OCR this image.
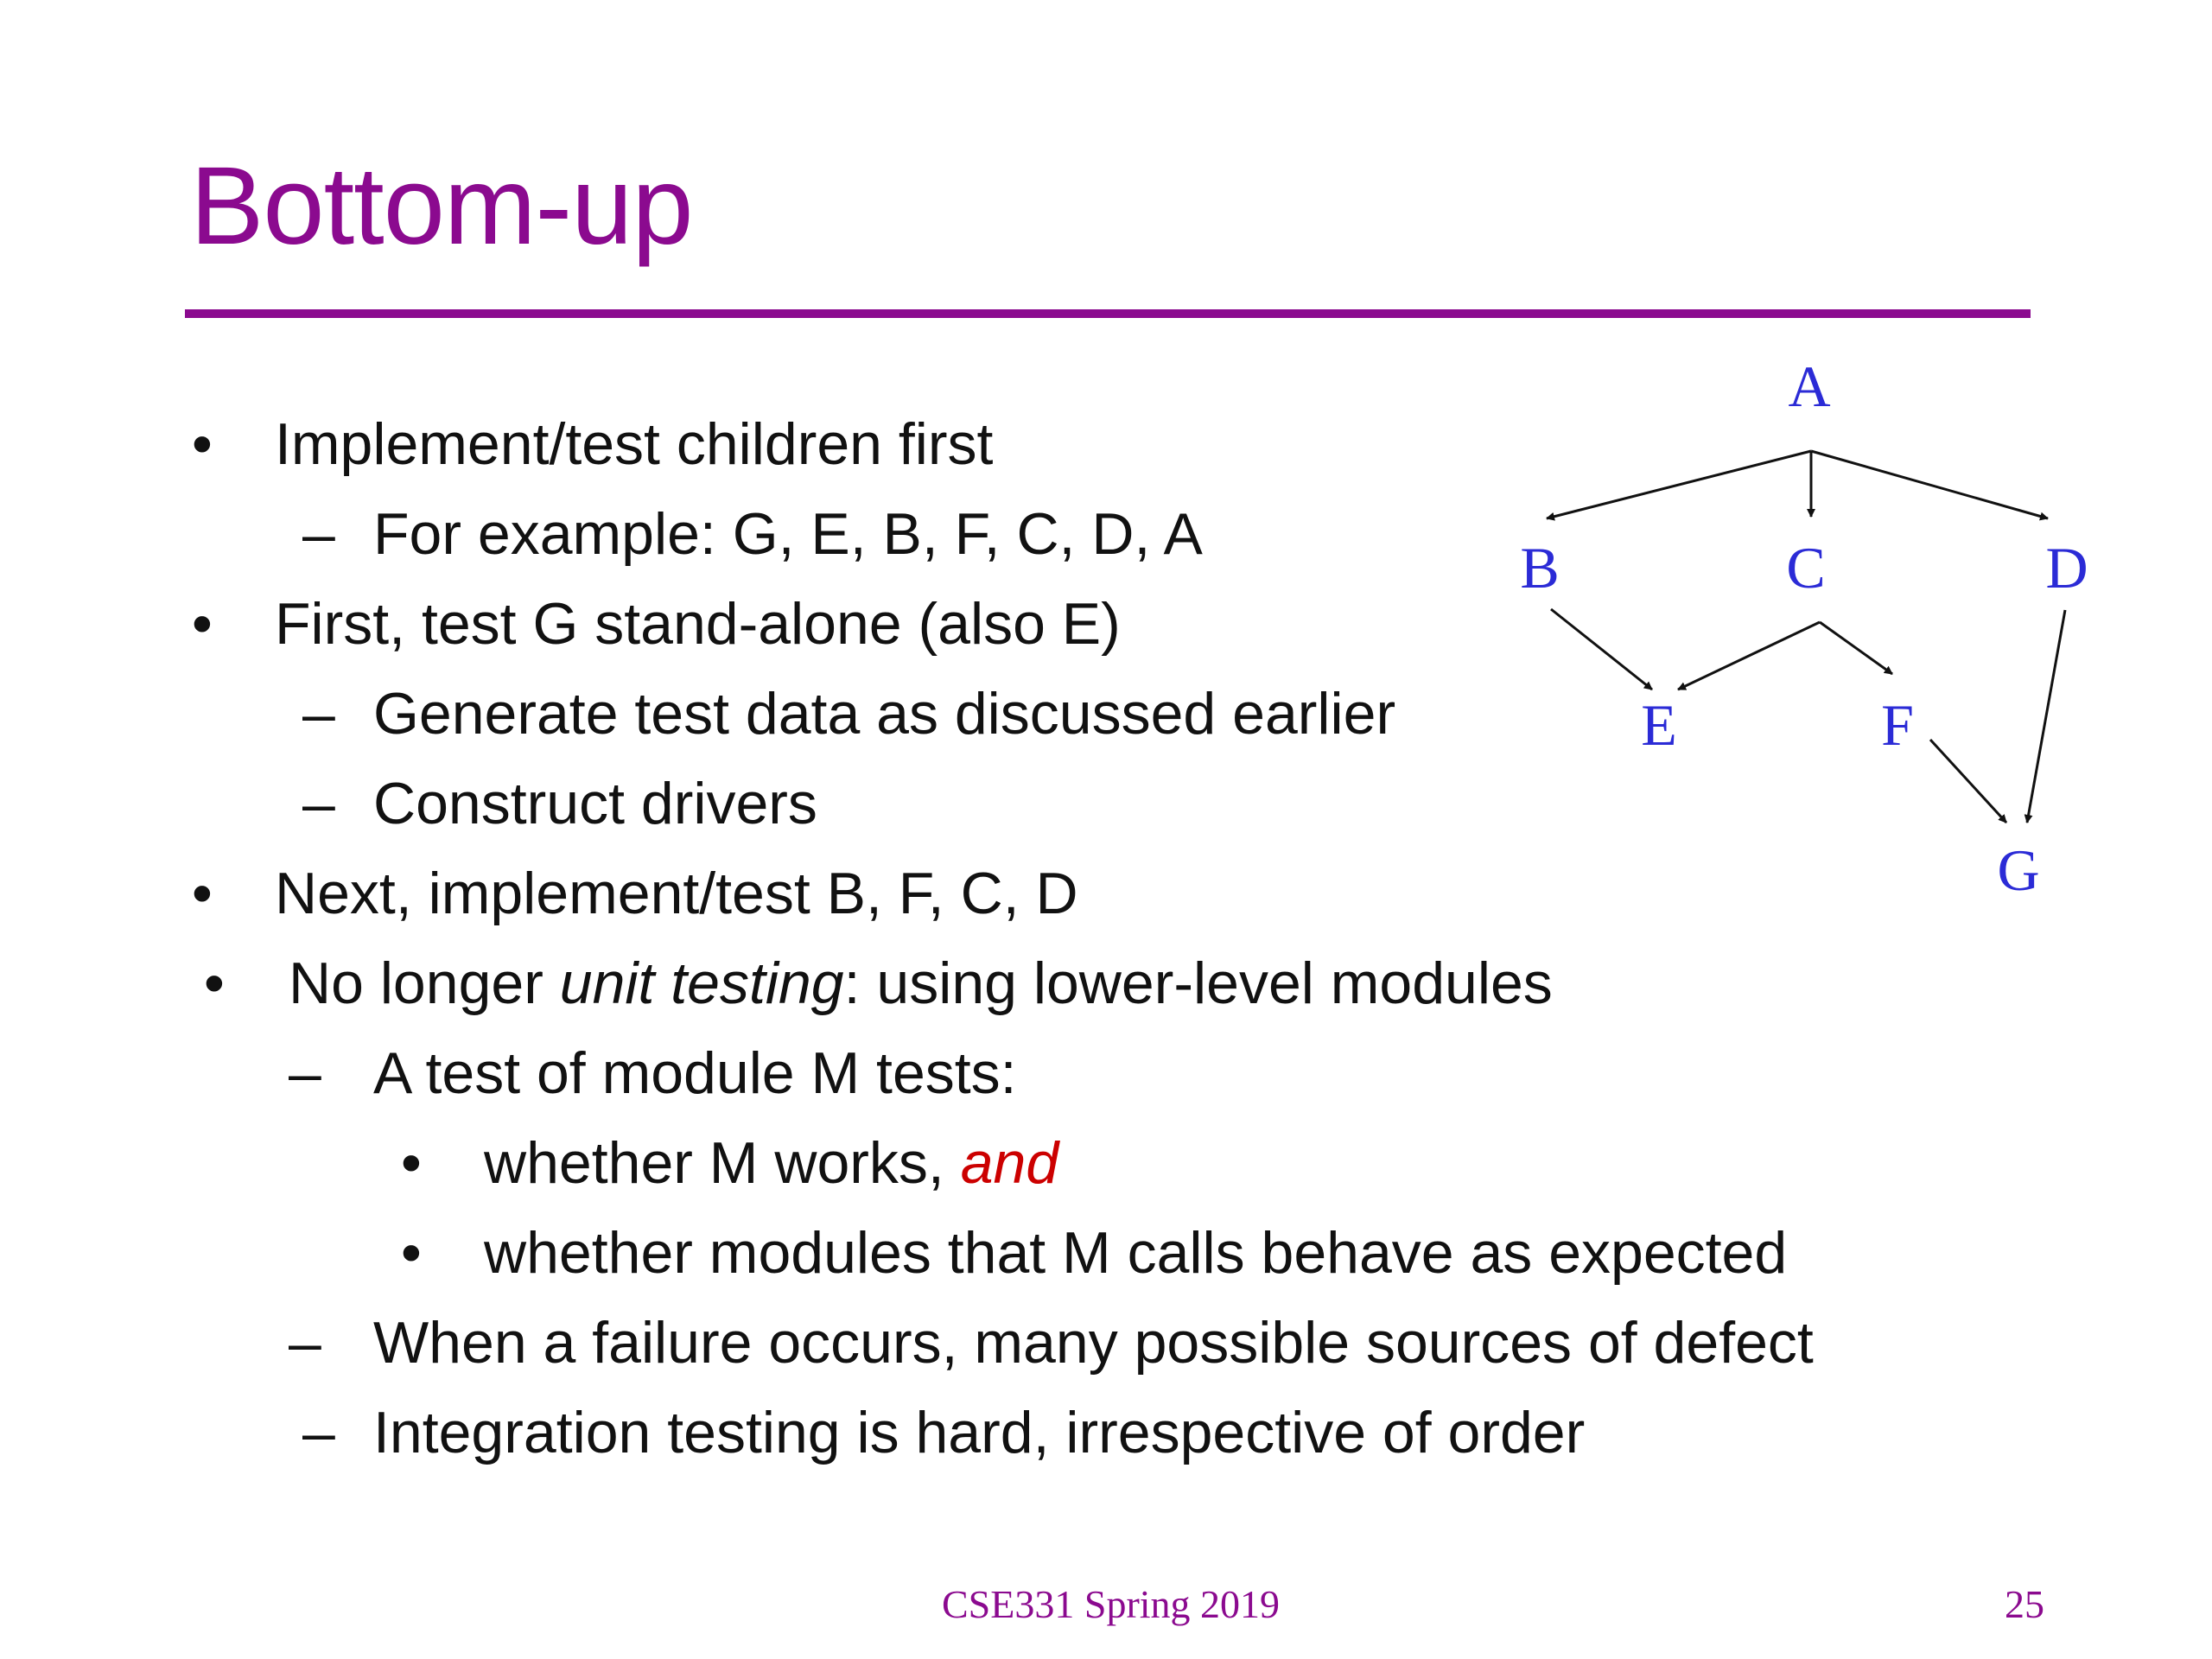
Bottom-up
• Implement/test children first
– For example: G, E, B, F, C, D, A
• First, test G stand-alone (also E)
– Generate test data as discussed earlier
– Construct drivers
• Next, implement/test B, F, C, D
• No longer unit testing: using lower-level modules
– A test of module M tests:
• whether M works, and
• whether modules that M calls behave as expected
– When a failure occurs, many possible sources of defect
– Integration testing is hard, irrespective of order
A
B	C	D
E	F
G
CSE331 Spring 2019	25
